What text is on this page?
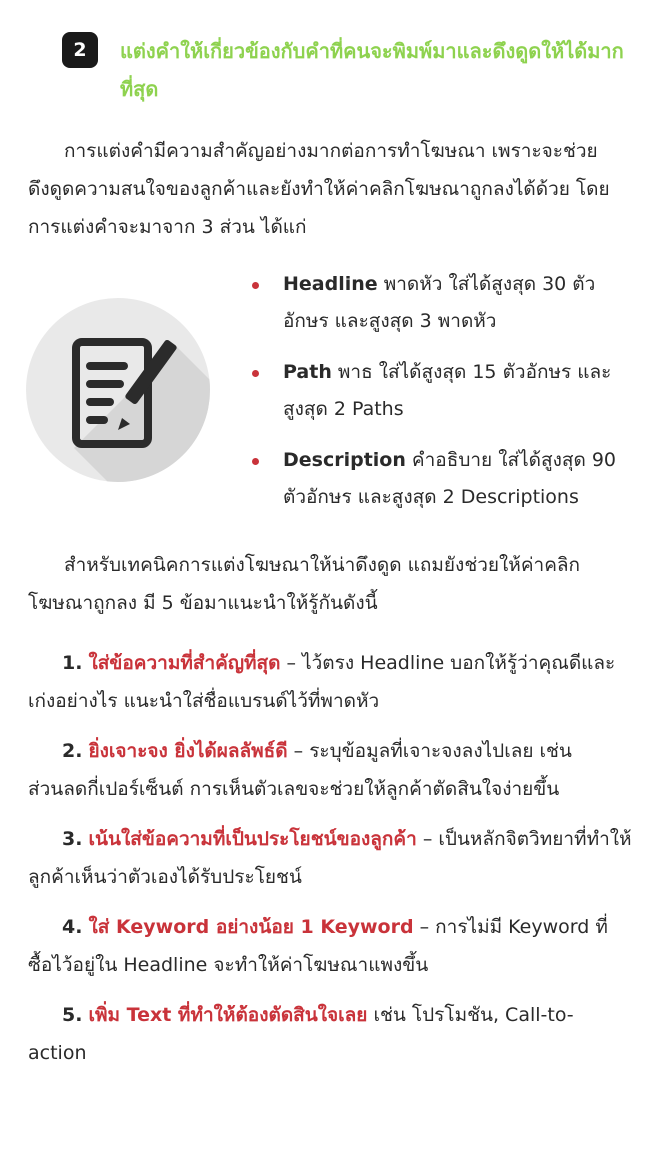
2	แต่งคำให้เกี่ยวข้องกับคำที่คนจะพิมพ์มาและดึงดูดให้ได้มากที่สุด

การแต่งคำมีความสำคัญอย่างมากต่อการทำโฆษณา เพราะจะช่วยดึงดูดความสนใจของลูกค้าและยังทำให้ค่าคลิกโฆษณาถูกลงได้ด้วย โดยการแต่งคำจะมาจาก 3 ส่วน ได้แก่

Headline พาดหัว ใส่ได้สูงสุด 30 ตัวอักษร และสูงสุด 3 พาดหัว
Path พาธ ใส่ได้สูงสุด 15 ตัวอักษร และสูงสุด 2 Paths
Description คำอธิบาย ใส่ได้สูงสุด 90 ตัวอักษร และสูงสุด 2 Descriptions

สำหรับเทคนิคการแต่งโฆษณาให้น่าดึงดูด แถมยังช่วยให้ค่าคลิกโฆษณาถูกลง มี 5 ข้อมาแนะนำให้รู้กันดังนี้

1. ใส่ข้อความที่สำคัญที่สุด – ไว้ตรง Headline บอกให้รู้ว่าคุณดีและเก่งอย่างไร แนะนำใส่ชื่อแบรนด์ไว้ที่พาดหัว
2. ยิ่งเจาะจง ยิ่งได้ผลลัพธ์ดี – ระบุข้อมูลที่เจาะจงลงไปเลย เช่น ส่วนลดกี่เปอร์เซ็นต์ การเห็นตัวเลขจะช่วยให้ลูกค้าตัดสินใจง่ายขึ้น
3. เน้นใส่ข้อความที่เป็นประโยชน์ของลูกค้า – เป็นหลักจิตวิทยาที่ทำให้ลูกค้าเห็นว่าตัวเองได้รับประโยชน์
4. ใส่ Keyword อย่างน้อย 1 Keyword – การไม่มี Keyword ที่ซื้อไว้อยู่ใน Headline จะทำให้ค่าโฆษณาแพงขึ้น
5. เพิ่ม Text ที่ทำให้ต้องตัดสินใจเลย เช่น โปรโมชัน, Call-to-action
